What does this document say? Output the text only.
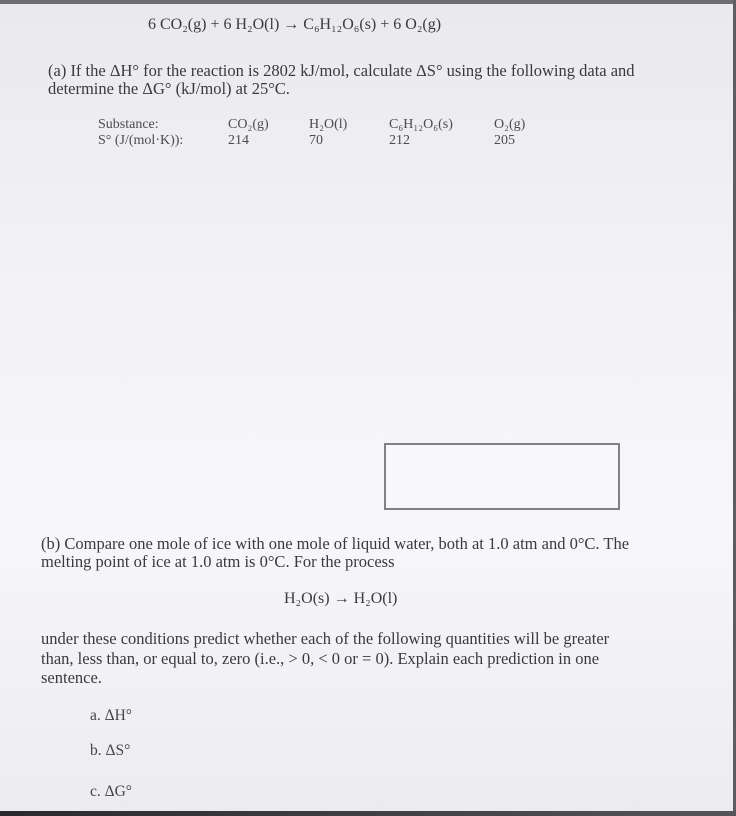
6 CO₂(g) + 6 H₂O(l) → C₆H₁₂O₆(s) + 6 O₂(g)
(a) If the ΔH° for the reaction is 2802 kJ/mol, calculate ΔS° using the following data and
determine the ΔG° (kJ/mol) at 25°C.
Substance:
S° (J/(mol·K)):
CO₂(g)
214
H₂O(l)
70
C₆H₁₂O₆(s)
212
O₂(g)
205
(b) Compare one mole of ice with one mole of liquid water, both at 1.0 atm and 0°C. The
melting point of ice at 1.0 atm is 0°C. For the process
H₂O(s) → H₂O(l)
under these conditions predict whether each of the following quantities will be greater
than, less than, or equal to, zero (i.e., > 0, < 0 or = 0). Explain each prediction in one
sentence.
a. ΔH°
b. ΔS°
c. ΔG°
